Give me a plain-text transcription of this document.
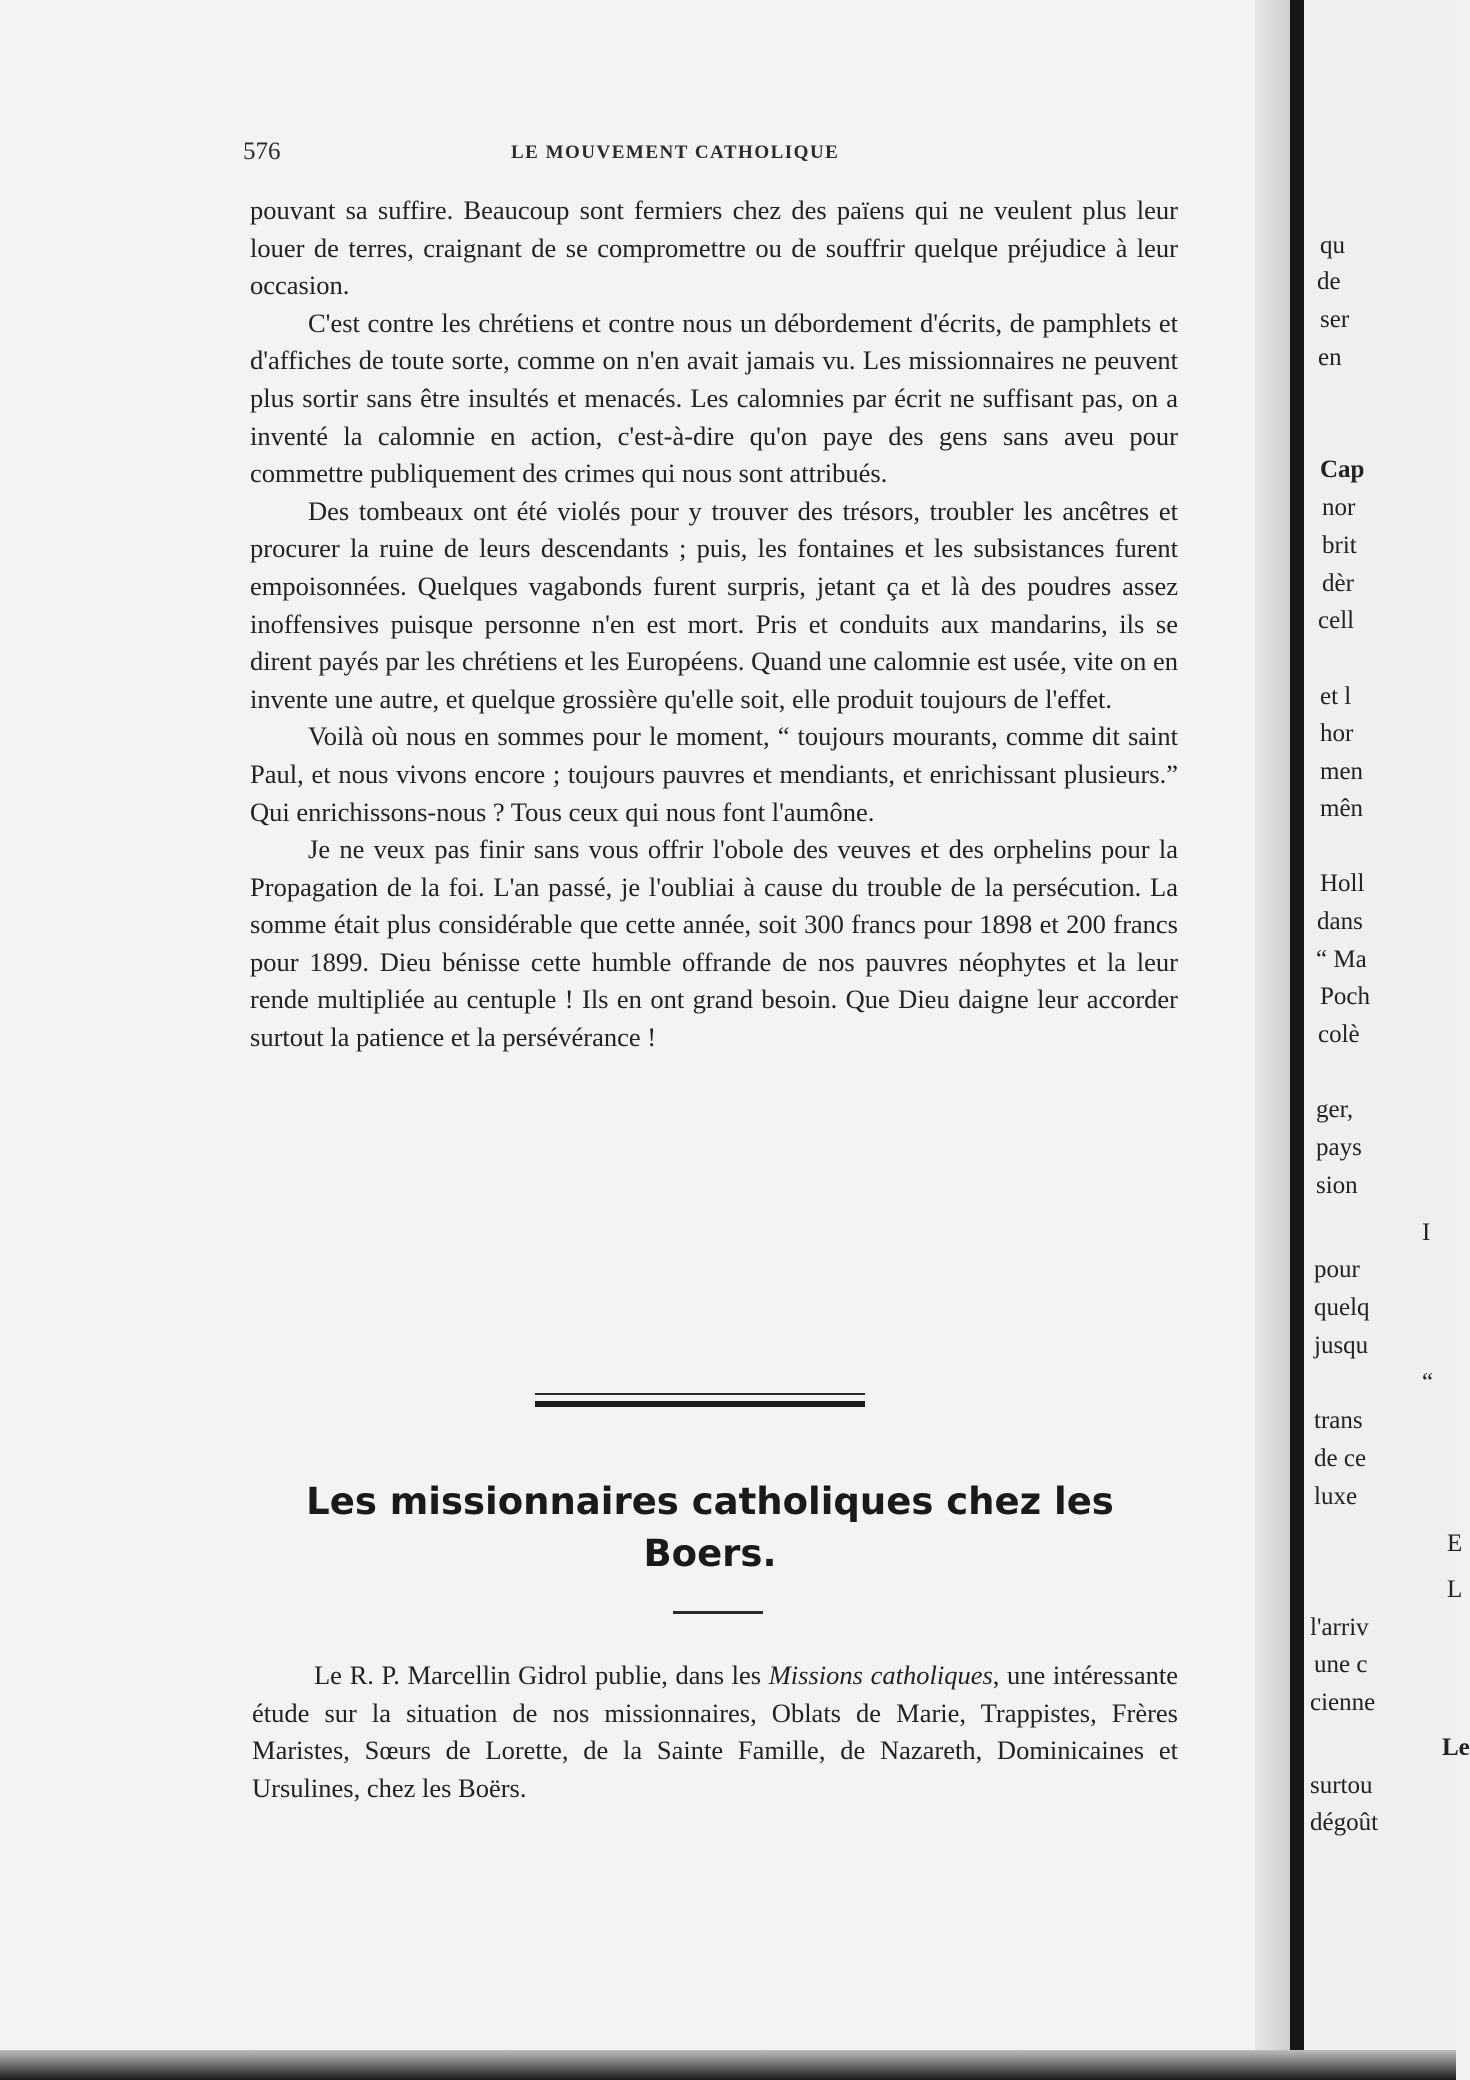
qu
de
ser
en
Cap
nor
brit
dèr
cell
et l
hor
men
mên
Holl
dans
“ Ma
Poch
colè
ger,
pays
sion
I
pour
quelq
jusqu
“
trans
de ce
luxe
E
L
l'arriv
une c
cienne
Le
surtou
dégoût
576	LE MOUVEMENT CATHOLIQUE

pouvant sa suffire. Beaucoup sont fermiers chez des païens qui ne veulent plus leur louer de terres, craignant de se compromettre ou de souffrir quelque préjudice à leur occasion.

C'est contre les chrétiens et contre nous un débordement d'écrits, de pamphlets et d'affiches de toute sorte, comme on n'en avait jamais vu. Les missionnaires ne peuvent plus sortir sans être insultés et menacés. Les calomnies par écrit ne suffisant pas, on a inventé la calomnie en action, c'est-à-dire qu'on paye des gens sans aveu pour commettre publiquement des crimes qui nous sont attribués.

Des tombeaux ont été violés pour y trouver des trésors, troubler les ancêtres et procurer la ruine de leurs descendants ; puis, les fontaines et les subsistances furent empoisonnées. Quelques vagabonds furent surpris, jetant ça et là des poudres assez inoffensives puisque personne n'en est mort. Pris et conduits aux mandarins, ils se dirent payés par les chrétiens et les Européens. Quand une calomnie est usée, vite on en invente une autre, et quelque grossière qu'elle soit, elle produit toujours de l'effet.

Voilà où nous en sommes pour le moment, “ toujours mourants, comme dit saint Paul, et nous vivons encore ; toujours pauvres et mendiants, et enrichissant plusieurs.” Qui enrichissons-nous ? Tous ceux qui nous font l'aumône.

Je ne veux pas finir sans vous offrir l'obole des veuves et des orphelins pour la Propagation de la foi. L'an passé, je l'oubliai à cause du trouble de la persécution. La somme était plus considérable que cette année, soit 300 francs pour 1898 et 200 francs pour 1899. Dieu bénisse cette humble offrande de nos pauvres néophytes et la leur rende multipliée au centuple ! Ils en ont grand besoin. Que Dieu daigne leur accorder surtout la patience et la persévérance !

Les missionnaires catholiques chez les Boers.

Le R. P. Marcellin Gidrol publie, dans les Missions catholiques, une intéressante étude sur la situation de nos missionnaires, Oblats de Marie, Trappistes, Frères Maristes, Sœurs de Lorette, de la Sainte Famille, de Nazareth, Dominicaines et Ursulines, chez les Boërs.
